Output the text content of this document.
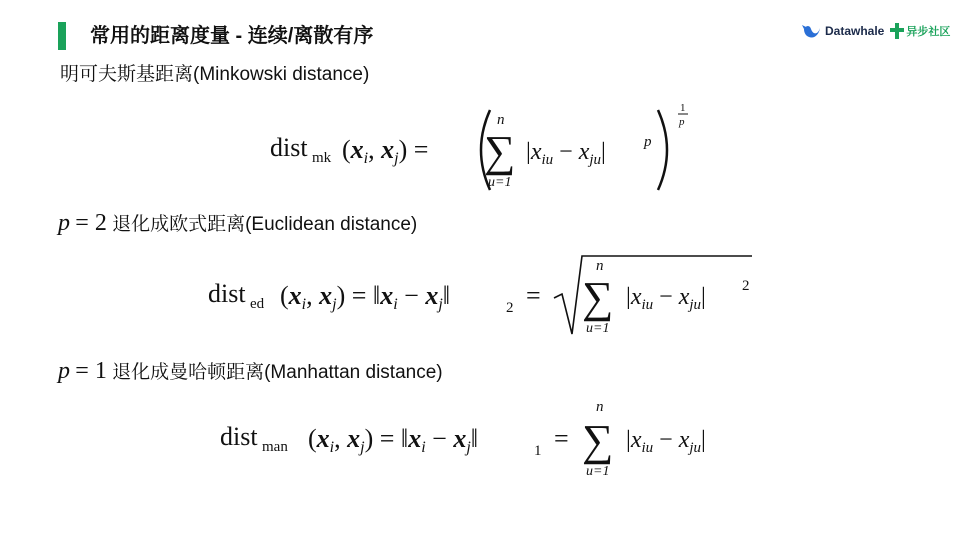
常用的距离度量 - 连续/离散有序	Datawhale 异步社区
明可夫斯基距离(Minkowski distance)
dist mk (xi, xj) =
n
∑
u=1
$|x_{iu} - x_{ju}|$	p
1
p
p = 2 退化成欧式距离(Euclidean distance)
dist ed (xi, xj) = ‖xi − xj‖	2 =
n
∑
u=1
$|x_{iu} - x_{ju}|$ 2
p = 1 退化成曼哈顿距离(Manhattan distance)
dist man (xi, xj) = ‖xi − xj‖	1 =
n
∑
u=1
$|x_{iu} - x_{ju}|$
